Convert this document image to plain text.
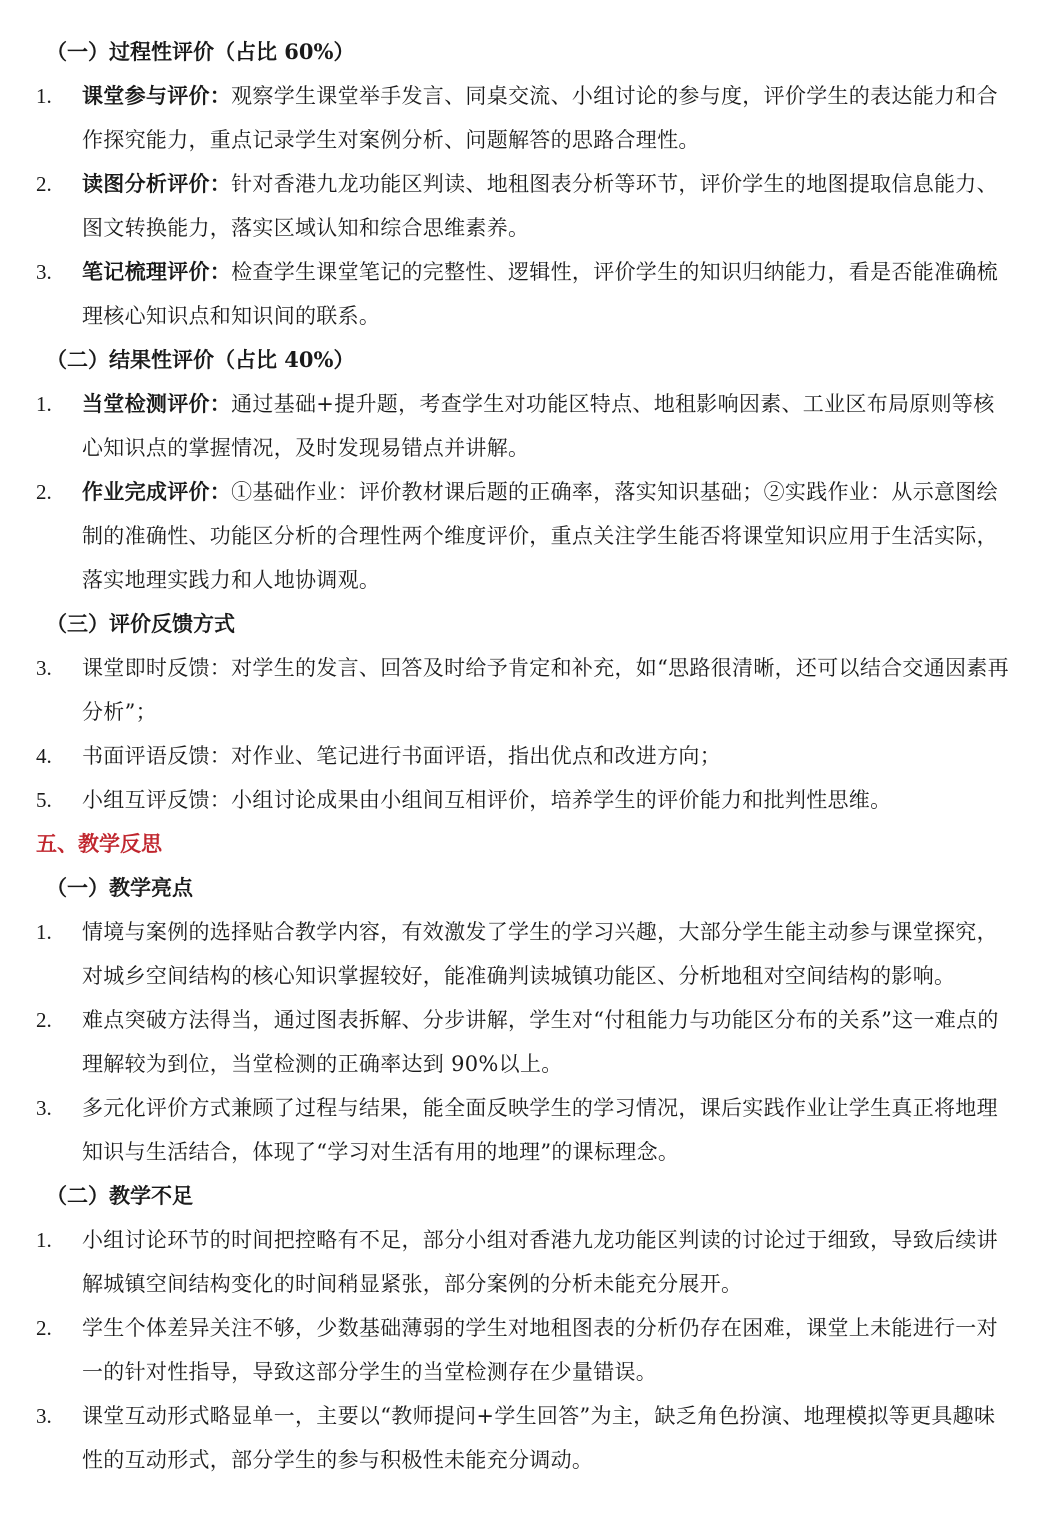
（一）过程性评价（占比 60%）
1.	课堂参与评价：观察学生课堂举手发言、同桌交流、小组讨论的参与度，评价学生的表达能力和合作探究能力，重点记录学生对案例分析、问题解答的思路合理性。
2.	读图分析评价：针对香港九龙功能区判读、地租图表分析等环节，评价学生的地图提取信息能力、图文转换能力，落实区域认知和综合思维素养。
3.	笔记梳理评价：检查学生课堂笔记的完整性、逻辑性，评价学生的知识归纳能力，看是否能准确梳理核心知识点和知识间的联系。
（二）结果性评价（占比 40%）
1.	当堂检测评价：通过基础+提升题，考查学生对功能区特点、地租影响因素、工业区布局原则等核心知识点的掌握情况，及时发现易错点并讲解。
2.	作业完成评价：①基础作业：评价教材课后题的正确率，落实知识基础；②实践作业：从示意图绘制的准确性、功能区分析的合理性两个维度评价，重点关注学生能否将课堂知识应用于生活实际，落实地理实践力和人地协调观。
（三）评价反馈方式
3.	课堂即时反馈：对学生的发言、回答及时给予肯定和补充，如“思路很清晰，还可以结合交通因素再分析”；
4.	书面评语反馈：对作业、笔记进行书面评语，指出优点和改进方向；
5.	小组互评反馈：小组讨论成果由小组间互相评价，培养学生的评价能力和批判性思维。
五、教学反思
（一）教学亮点
1.	情境与案例的选择贴合教学内容，有效激发了学生的学习兴趣，大部分学生能主动参与课堂探究，对城乡空间结构的核心知识掌握较好，能准确判读城镇功能区、分析地租对空间结构的影响。
2.	难点突破方法得当，通过图表拆解、分步讲解，学生对“付租能力与功能区分布的关系”这一难点的理解较为到位，当堂检测的正确率达到 90%以上。
3.	多元化评价方式兼顾了过程与结果，能全面反映学生的学习情况，课后实践作业让学生真正将地理知识与生活结合，体现了“学习对生活有用的地理”的课标理念。
（二）教学不足
1.	小组讨论环节的时间把控略有不足，部分小组对香港九龙功能区判读的讨论过于细致，导致后续讲解城镇空间结构变化的时间稍显紧张，部分案例的分析未能充分展开。
2.	学生个体差异关注不够，少数基础薄弱的学生对地租图表的分析仍存在困难，课堂上未能进行一对一的针对性指导，导致这部分学生的当堂检测存在少量错误。
3.	课堂互动形式略显单一，主要以“教师提问+学生回答”为主，缺乏角色扮演、地理模拟等更具趣味性的互动形式，部分学生的参与积极性未能充分调动。
